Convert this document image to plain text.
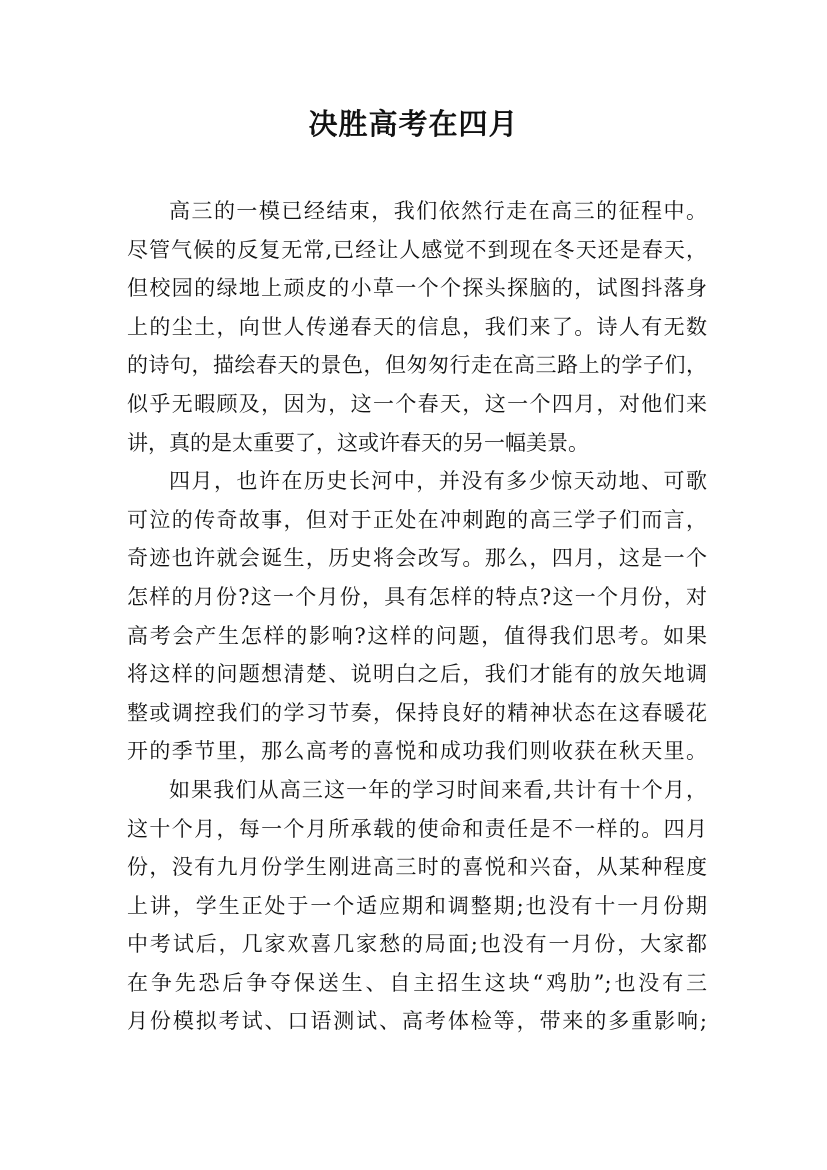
决胜高考在四月
高三的一模已经结束，我们依然行走在高三的征程中。
尽管气候的反复无常,已经让人感觉不到现在冬天还是春天，
但校园的绿地上顽皮的小草一个个探头探脑的，试图抖落身
上的尘土，向世人传递春天的信息，我们来了。诗人有无数
的诗句，描绘春天的景色，但匆匆行走在高三路上的学子们，
似乎无暇顾及，因为，这一个春天，这一个四月，对他们来
讲，真的是太重要了，这或许春天的另一幅美景。
四月，也许在历史长河中，并没有多少惊天动地、可歌
可泣的传奇故事，但对于正处在冲刺跑的高三学子们而言，
奇迹也许就会诞生，历史将会改写。那么，四月，这是一个
怎样的月份?这一个月份，具有怎样的特点?这一个月份，对
高考会产生怎样的影响?这样的问题，值得我们思考。如果
将这样的问题想清楚、说明白之后，我们才能有的放矢地调
整或调控我们的学习节奏，保持良好的精神状态在这春暖花
开的季节里，那么高考的喜悦和成功我们则收获在秋天里。
如果我们从高三这一年的学习时间来看,共计有十个月，
这十个月，每一个月所承载的使命和责任是不一样的。四月
份，没有九月份学生刚进高三时的喜悦和兴奋，从某种程度
上讲，学生正处于一个适应期和调整期;也没有十一月份期
中考试后，几家欢喜几家愁的局面;也没有一月份，大家都
在争先恐后争夺保送生、自主招生这块“鸡肋”;也没有三
月份模拟考试、口语测试、高考体检等，带来的多重影响;
